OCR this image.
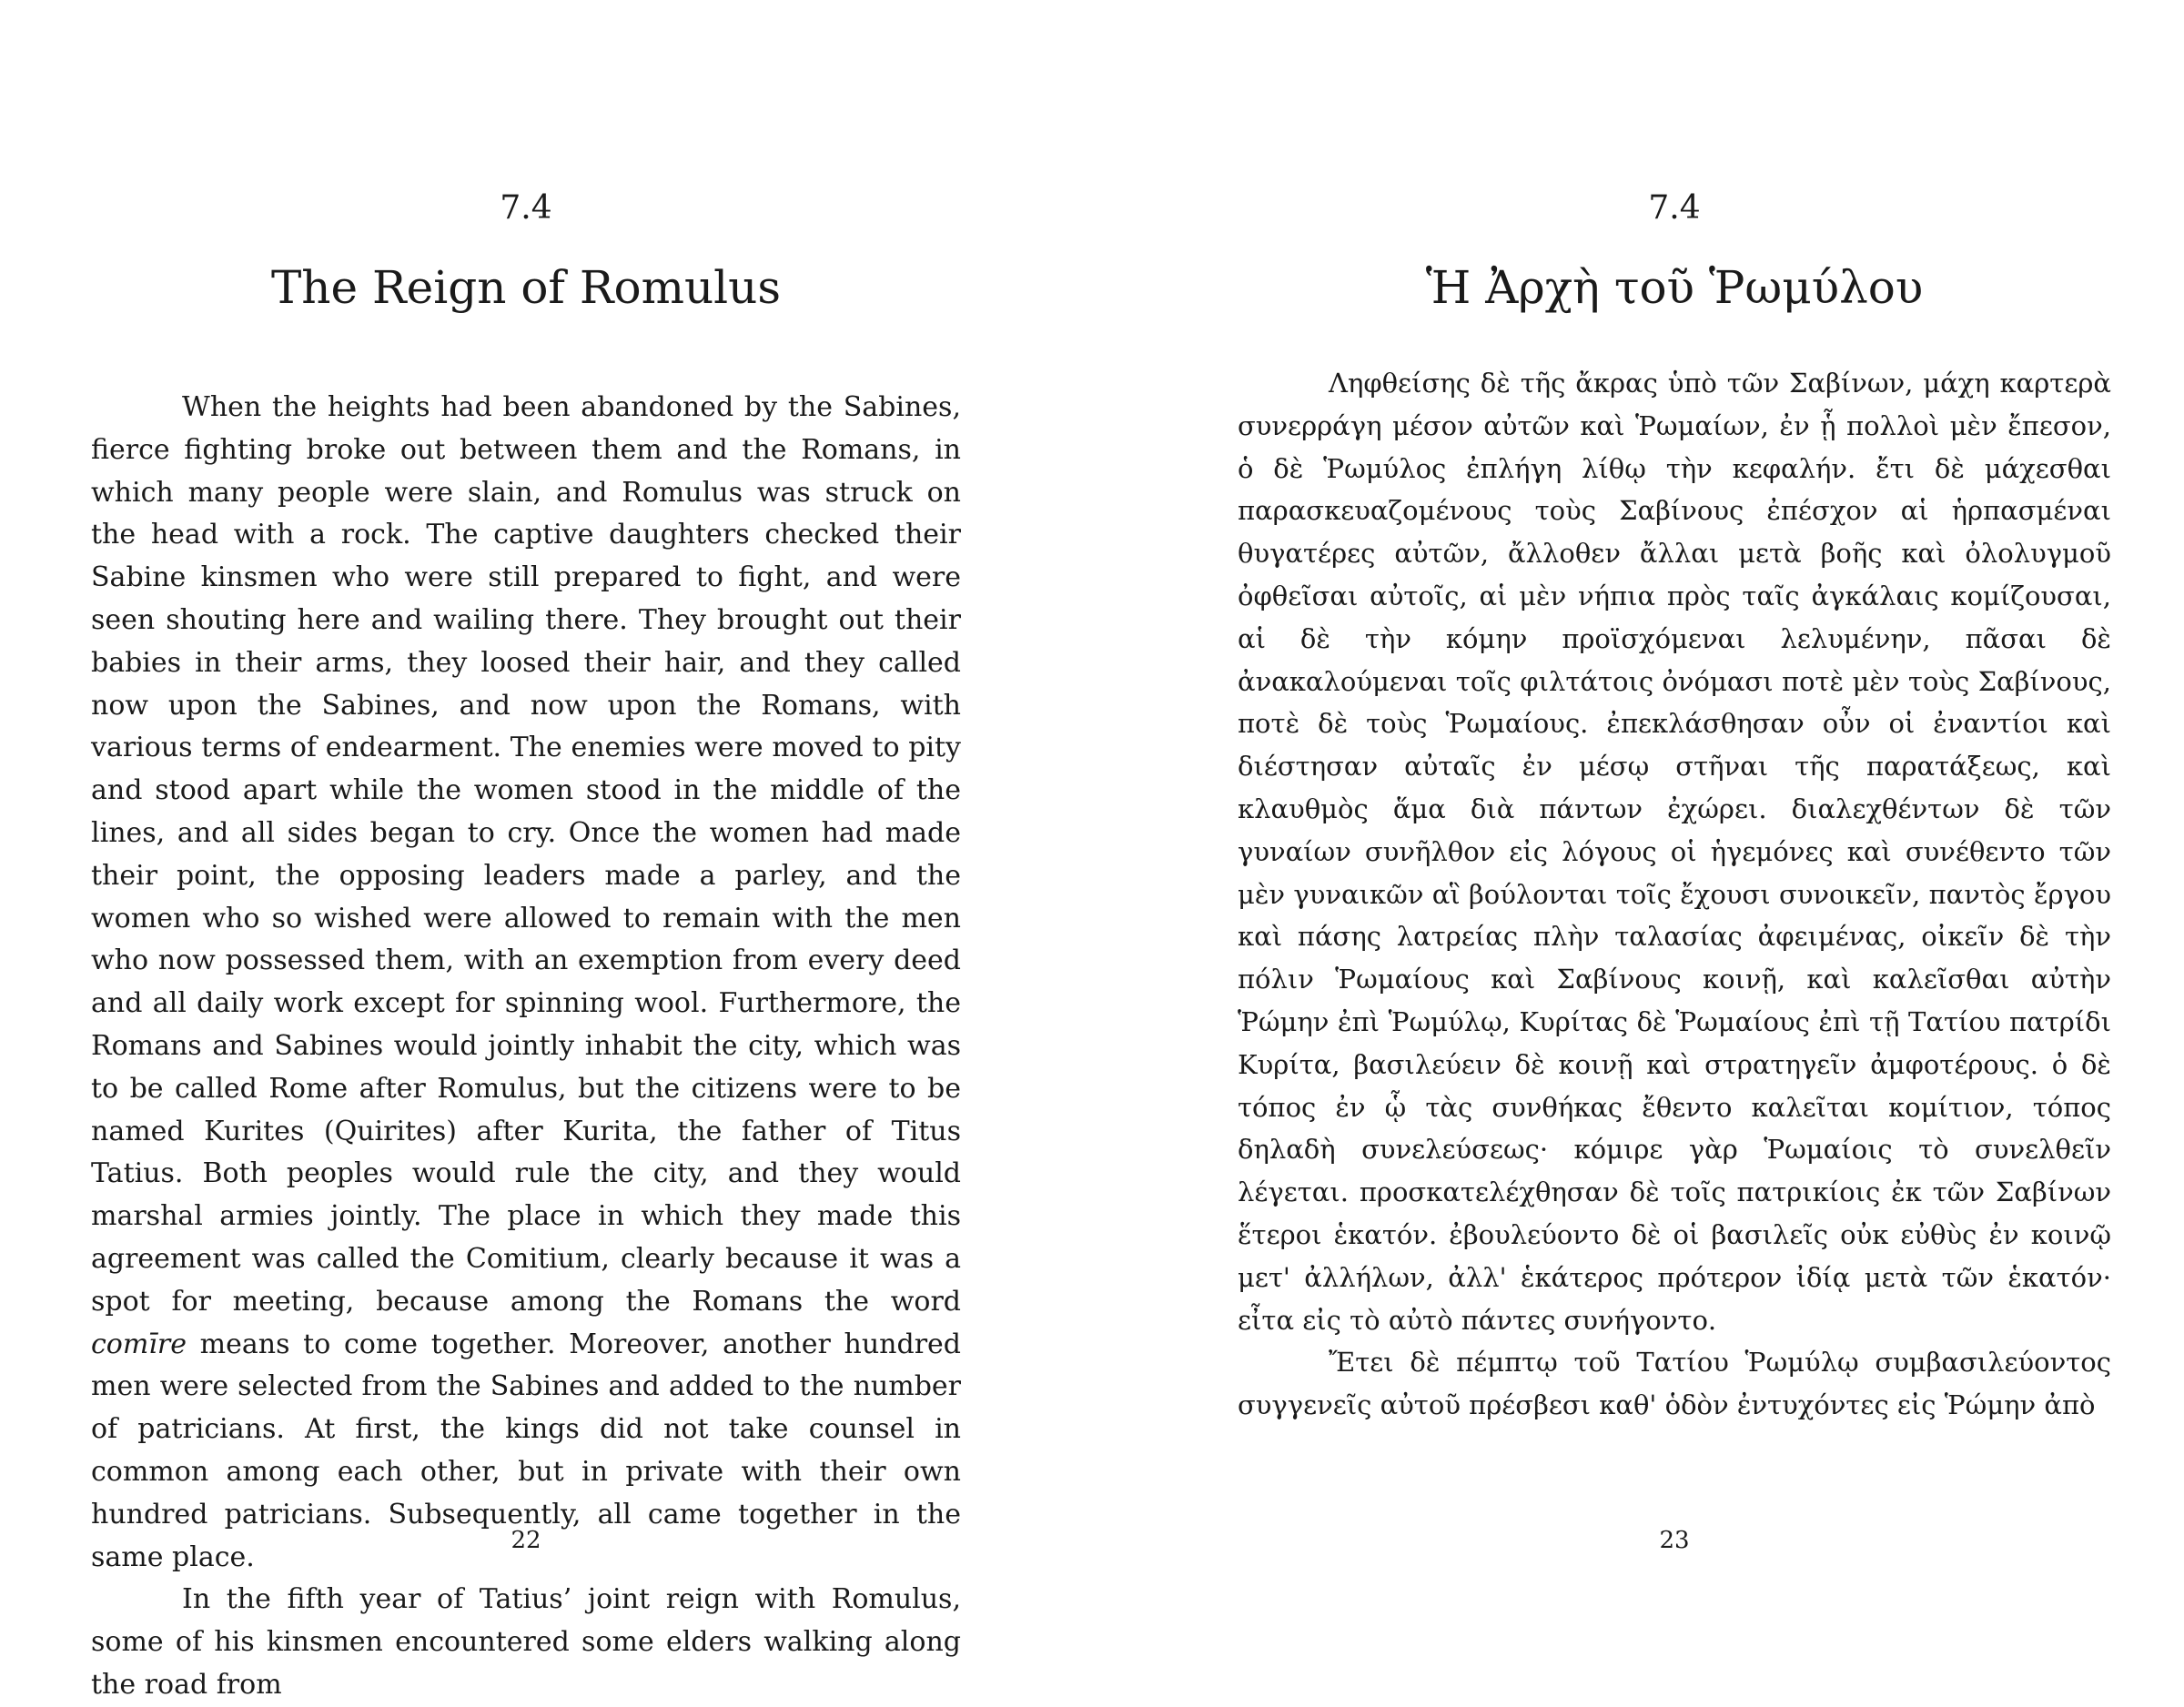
7.4
The Reign of Romulus

When the heights had been abandoned by the Sabines, fierce fighting broke out between them and the Romans, in which many people were slain, and Romulus was struck on the head with a rock. The captive daughters checked their Sabine kinsmen who were still prepared to fight, and were seen shouting here and wailing there. They brought out their babies in their arms, they loosed their hair, and they called now upon the Sabines, and now upon the Romans, with various terms of endearment. The enemies were moved to pity and stood apart while the women stood in the middle of the lines, and all sides began to cry. Once the women had made their point, the opposing leaders made a parley, and the women who so wished were allowed to remain with the men who now possessed them, with an exemption from every deed and all daily work except for spinning wool. Furthermore, the Romans and Sabines would jointly inhabit the city, which was to be called Rome after Romulus, but the citizens were to be named Kurites (Quirites) after Kurita, the father of Titus Tatius. Both peoples would rule the city, and they would marshal armies jointly. The place in which they made this agreement was called the Comitium, clearly because it was a spot for meeting, because among the Romans the word comīre means to come together. Moreover, another hundred men were selected from the Sabines and added to the number of patricians. At first, the kings did not take counsel in common among each other, but in private with their own hundred patricians. Subsequently, all came together in the same place.

In the fifth year of Tatius’ joint reign with Romulus, some of his kinsmen encountered some elders walking along the road from

22
7.4
Ἡ Ἀρχὴ τοῦ Ῥωμύλου

Ληφθείσης δὲ τῆς ἄκρας ὑπὸ τῶν Σαβίνων, μάχη καρτερὰ συνερράγη μέσον αὐτῶν καὶ Ῥωμαίων, ἐν ᾗ πολλοὶ μὲν ἔπεσον, ὁ δὲ Ῥωμύλος ἐπλήγη λίθῳ τὴν κεφαλήν. ἔτι δὲ μάχεσθαι παρασκευαζομένους τοὺς Σαβίνους ἐπέσχον αἱ ἡρπασμέναι θυγατέρες αὐτῶν, ἄλλοθεν ἄλλαι μετὰ βοῆς καὶ ὀλολυγμοῦ ὀφθεῖσαι αὐτοῖς, αἱ μὲν νήπια πρὸς ταῖς ἀγκάλαις κομίζουσαι, αἱ δὲ τὴν κόμην προϊσχόμεναι λελυμένην, πᾶσαι δὲ ἀνακαλούμεναι τοῖς φιλτάτοις ὀνόμασι ποτὲ μὲν τοὺς Σαβίνους, ποτὲ δὲ τοὺς Ῥωμαίους. ἐπεκλάσθησαν οὖν οἱ ἐναντίοι καὶ διέστησαν αὐταῖς ἐν μέσῳ στῆναι τῆς παρατάξεως, καὶ κλαυθμὸς ἅμα διὰ πάντων ἐχώρει. διαλεχθέντων δὲ τῶν γυναίων συνῆλθον εἰς λόγους οἱ ἡγεμόνες καὶ συνέθεντο τῶν μὲν γυναικῶν αἳ βούλονται τοῖς ἔχουσι συνοικεῖν, παντὸς ἔργου καὶ πάσης λατρείας πλὴν ταλασίας ἀφειμένας, οἰκεῖν δὲ τὴν πόλιν Ῥωμαίους καὶ Σαβίνους κοινῇ, καὶ καλεῖσθαι αὐτὴν Ῥώμην ἐπὶ Ῥωμύλῳ, Κυρίτας δὲ Ῥωμαίους ἐπὶ τῇ Τατίου πατρίδι Κυρίτα, βασιλεύειν δὲ κοινῇ καὶ στρατηγεῖν ἀμφοτέρους. ὁ δὲ τόπος ἐν ᾧ τὰς συνθήκας ἔθεντο καλεῖται κομίτιον, τόπος δηλαδὴ συνελεύσεως· κόμιρε γὰρ Ῥωμαίοις τὸ συνελθεῖν λέγεται. προσκατελέχθησαν δὲ τοῖς πατρικίοις ἐκ τῶν Σαβίνων ἕτεροι ἑκατόν. ἐβουλεύοντο δὲ οἱ βασιλεῖς οὐκ εὐθὺς ἐν κοινῷ μετ' ἀλλήλων, ἀλλ' ἑκάτερος πρότερον ἰδίᾳ μετὰ τῶν ἑκατόν· εἶτα εἰς τὸ αὐτὸ πάντες συνήγοντο.

Ἔτει δὲ πέμπτῳ τοῦ Τατίου Ῥωμύλῳ συμβασιλεύοντος συγγενεῖς αὐτοῦ πρέσβεσι καθ' ὁδὸν ἐντυχόντες εἰς Ῥώμην ἀπὸ

23
